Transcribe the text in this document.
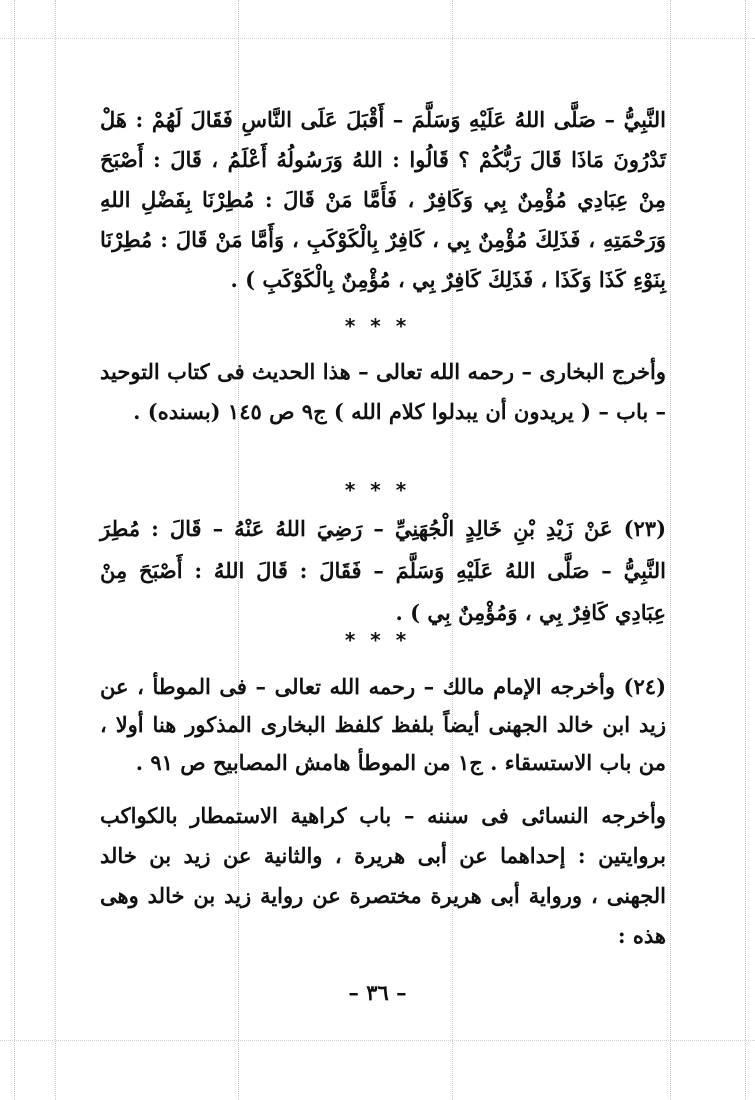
النَّبِيُّ – صَلَّى اللهُ عَلَيْهِ وَسَلَّمَ – أَقْبَلَ عَلَى النَّاسِ فَقَالَ لَهُمْ : هَلْ تَدْرُونَ مَاذَا قَالَ رَبُّكُمْ ؟ قَالُوا : اللهُ وَرَسُولُهُ أَعْلَمُ ، قَالَ : أَصْبَحَ مِنْ عِبَادِي مُؤْمِنٌ بِي وَكَافِرٌ ، فَأَمَّا مَنْ قَالَ : مُطِرْنَا بِفَضْلِ اللهِ وَرَحْمَتِهِ ، فَذَلِكَ مُؤْمِنٌ بِي ، كَافِرٌ بِالْكَوْكَبِ ، وَأَمَّا مَنْ قَالَ : مُطِرْنَا بِنَوْءِ كَذَا وَكَذَا ، فَذَلِكَ كَافِرٌ بِي ، مُؤْمِنٌ بِالْكَوْكَبِ ) .

* * *

وأخرج البخارى – رحمه الله تعالى – هذا الحديث فى كتاب التوحيد – باب – ( يريدون أن يبدلوا كلام الله ) ج٩ ص ١٤٥ (بسنده) .

* * *

(٢٣) عَنْ زَيْدِ بْنِ خَالِدٍ الْجُهَنِيِّ – رَضِيَ اللهُ عَنْهُ – قَالَ : مُطِرَ النَّبِيُّ – صَلَّى اللهُ عَلَيْهِ وَسَلَّمَ – فَقَالَ : قَالَ اللهُ : أَصْبَحَ مِنْ عِبَادِي كَافِرٌ بِي ، وَمُؤْمِنٌ بِي ) .

* * *

(٢٤) وأخرجه الإمام مالك – رحمه الله تعالى – فى الموطأ ، عن زيد ابن خالد الجهنى أيضاً بلفظ كلفظ البخارى المذكور هنا أولا ، من باب الاستسقاء . ج١ من الموطأ هامش المصابيح ص ٩١ .

وأخرجه النسائى فى سننه – باب كراهية الاستمطار بالكواكب بروايتين : إحداهما عن أبى هريرة ، والثانية عن زيد بن خالد الجهنى ، ورواية أبى هريرة مختصرة عن رواية زيد بن خالد وهى هذه :

– ٣٦ –
